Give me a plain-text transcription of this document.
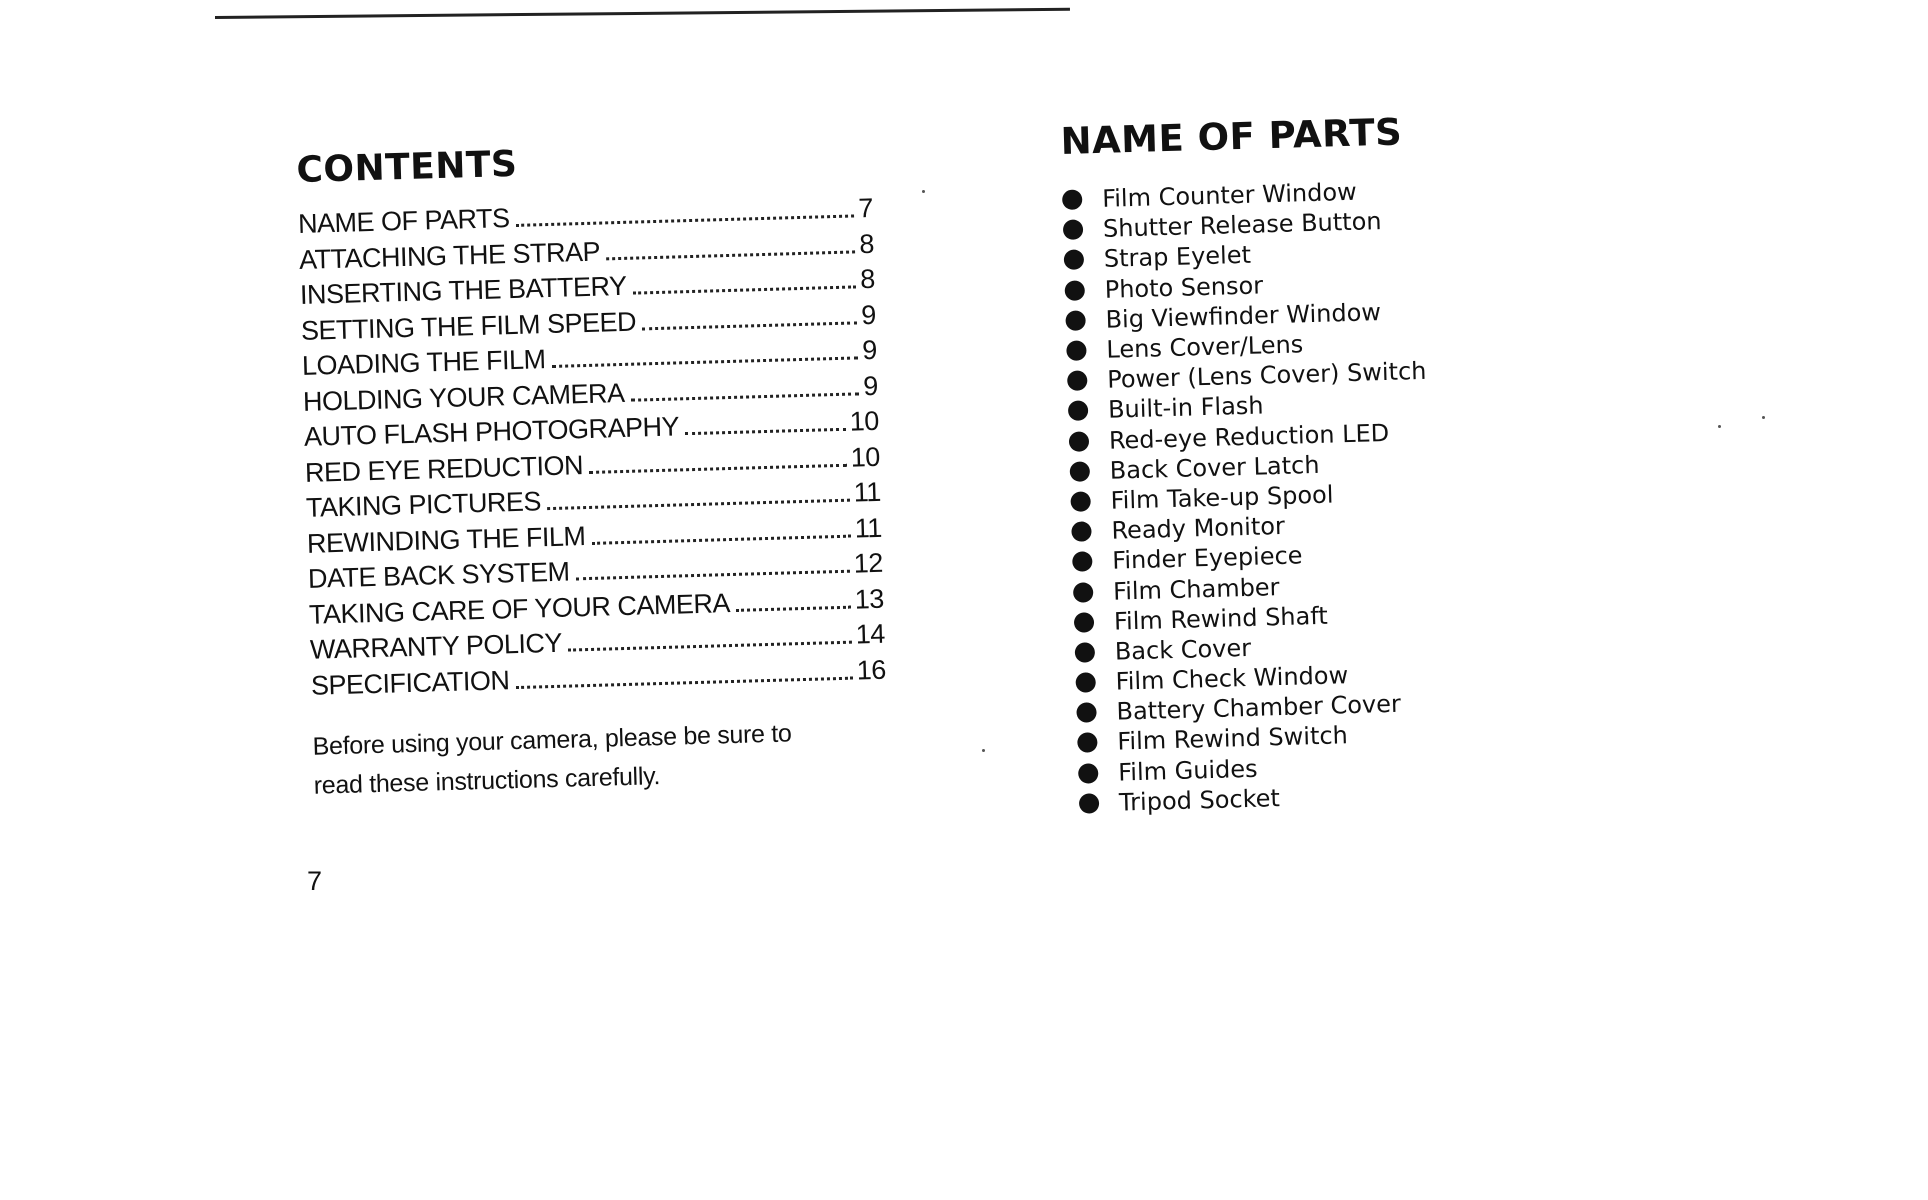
CONTENTS
NAME OF PARTS	7
ATTACHING THE STRAP	8
INSERTING THE BATTERY	8
SETTING THE FILM SPEED	9
LOADING THE FILM	9
HOLDING YOUR CAMERA	9
AUTO FLASH PHOTOGRAPHY	10
RED EYE REDUCTION	10
TAKING PICTURES	11
REWINDING THE FILM	11
DATE BACK SYSTEM	12
TAKING CARE OF YOUR CAMERA	13
WARRANTY POLICY	14
SPECIFICATION	16

Before using your camera, please be sure to
read these instructions carefully.

7
NAME OF PARTS
Film Counter Window
Shutter Release Button
Strap Eyelet
Photo Sensor
Big Viewfinder Window
Lens Cover/Lens
Power (Lens Cover) Switch
Built-in Flash
Red-eye Reduction LED
Back Cover Latch
Film Take-up Spool
Ready Monitor
Finder Eyepiece
Film Chamber
Film Rewind Shaft
Back Cover
Film Check Window
Battery Chamber Cover
Film Rewind Switch
Film Guides
Tripod Socket
